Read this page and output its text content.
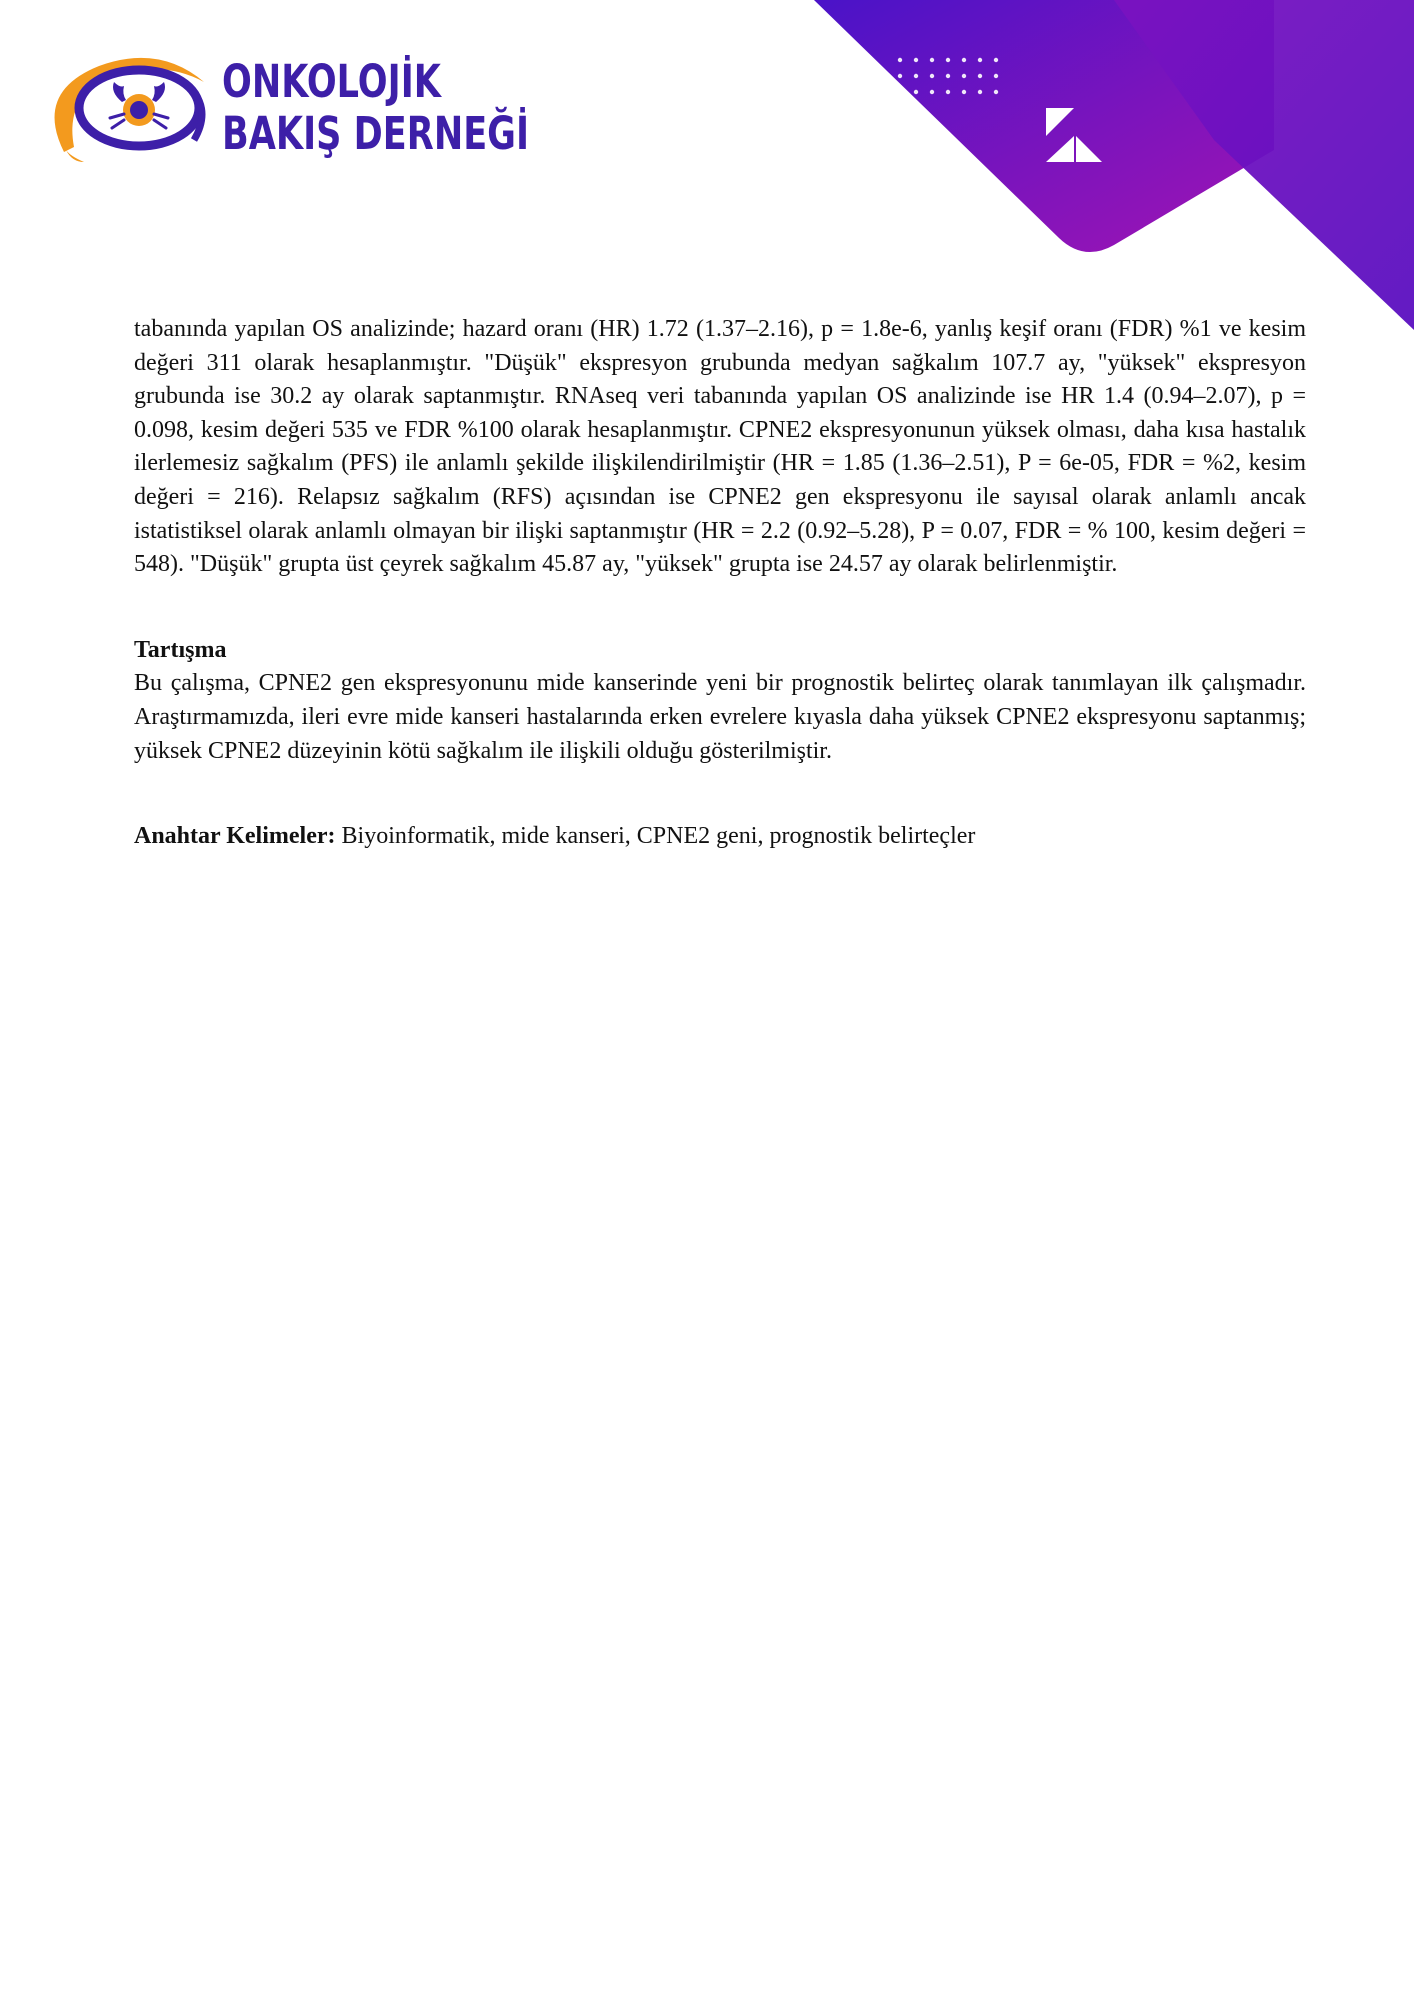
ONKOLOJİK
BAKIŞ DERNEĞİ

tabanında yapılan OS analizinde; hazard oranı (HR) 1.72 (1.37–2.16), p = 1.8e-6, yanlış keşif oranı (FDR) %1 ve kesim değeri 311 olarak hesaplanmıştır. "Düşük" ekspresyon grubunda medyan sağkalım 107.7 ay, "yüksek" ekspresyon grubunda ise 30.2 ay olarak saptanmıştır. RNAseq veri tabanında yapılan OS analizinde ise HR 1.4 (0.94–2.07), p = 0.098, kesim değeri 535 ve FDR %100 olarak hesaplanmıştır. CPNE2 ekspresyonunun yüksek olması, daha kısa hastalık ilerlemesiz sağkalım (PFS) ile anlamlı şekilde ilişkilendirilmiştir (HR = 1.85 (1.36–2.51), P = 6e-05, FDR = %2, kesim değeri = 216). Relapsız sağkalım (RFS) açısından ise CPNE2 gen ekspresyonu ile sayısal olarak anlamlı ancak istatistiksel olarak anlamlı olmayan bir ilişki saptanmıştır (HR = 2.2 (0.92–5.28), P = 0.07, FDR = % 100, kesim değeri = 548). "Düşük" grupta üst çeyrek sağkalım 45.87 ay, "yüksek" grupta ise 24.57 ay olarak belirlenmiştir.

Tartışma

Bu çalışma, CPNE2 gen ekspresyonunu mide kanserinde yeni bir prognostik belirteç olarak tanımlayan ilk çalışmadır. Araştırmamızda, ileri evre mide kanseri hastalarında erken evrelere kıyasla daha yüksek CPNE2 ekspresyonu saptanmış; yüksek CPNE2 düzeyinin kötü sağkalım ile ilişkili olduğu gösterilmiştir.

Anahtar Kelimeler: Biyoinformatik, mide kanseri, CPNE2 geni, prognostik belirteçler
